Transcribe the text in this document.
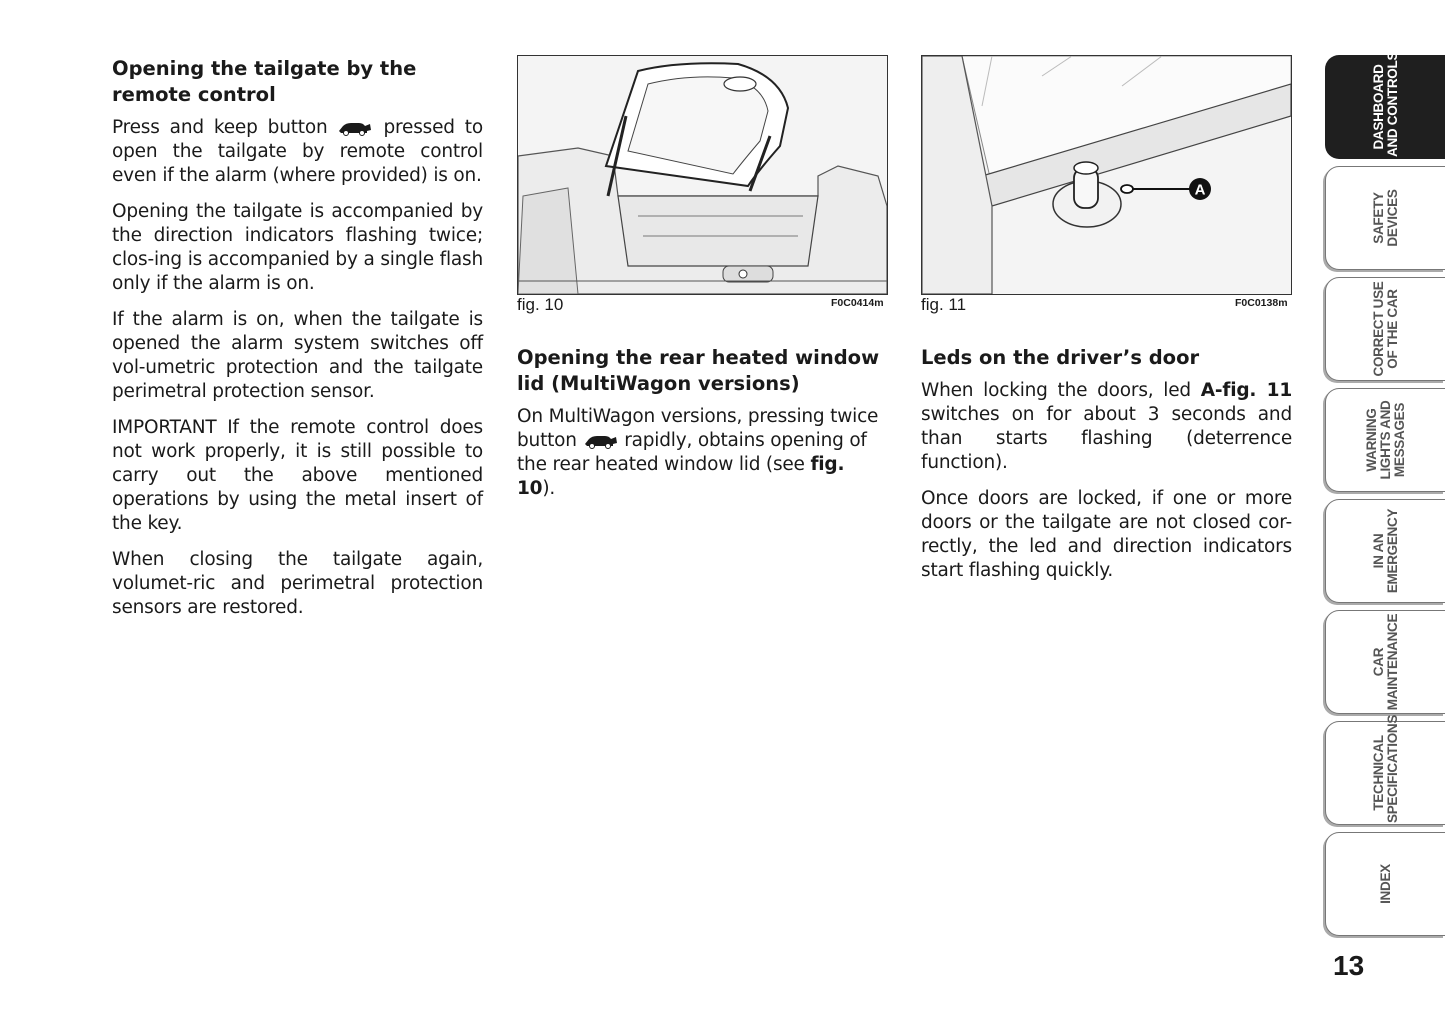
Opening the tailgate by the remote control

Press and keep button	pressed to open the tailgate by remote control even if the alarm (where provided) is on.

Opening the tailgate is accompanied by the direction indicators flashing twice; clos-ing is accompanied by a single flash only if the alarm is on.

If the alarm is on, when the tailgate is opened the alarm system switches off vol-umetric protection and the tailgate perimetral protection sensor.

IMPORTANT If the remote control does not work properly, it is still possible to carry out the above mentioned operations by using the metal insert of the key.

When closing the tailgate again, volumet-ric and perimetral protection sensors are restored.

fig. 10	F0C0414m
A
fig. 11	F0C0138m
Opening the rear heated window lid (MultiWagon versions)

On MultiWagon versions, pressing twice button	rapidly, obtains opening of the rear heated window lid (see fig. 10).

Leds on the driver’s door

When locking the doors, led A-fig. 11 switches on for about 3 seconds and than starts flashing (deterrence function).

Once doors are locked, if one or more doors or the tailgate are not closed cor-rectly, the led and direction indicators start flashing quickly.

DASHBOARD AND CONTROLS
SAFETY DEVICES
CORRECT USE OF THE CAR
WARNING LIGHTS AND MESSAGES
IN AN EMERGENCY
CAR MAINTENANCE
TECHNICAL SPECIFICATIONS
INDEX
13
